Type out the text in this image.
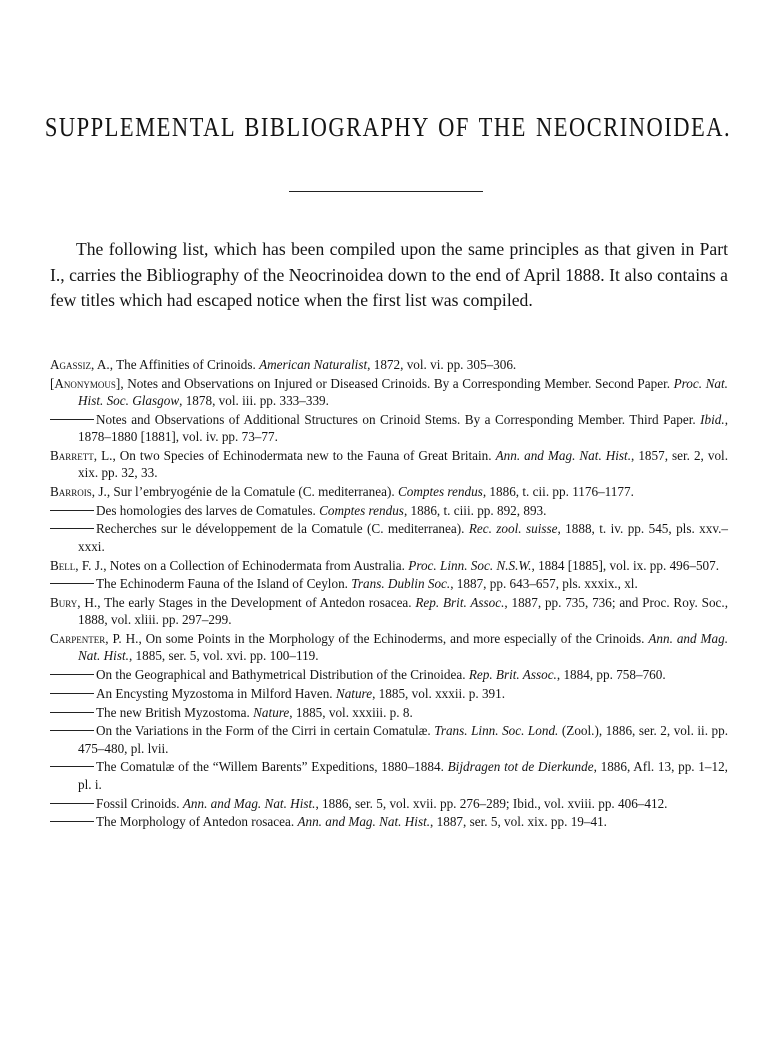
SUPPLEMENTAL BIBLIOGRAPHY OF THE NEOCRINOIDEA.

The following list, which has been compiled upon the same principles as that given in Part I., carries the Bibliography of the Neocrinoidea down to the end of April 1888. It also contains a few titles which had escaped notice when the first list was compiled.

Agassiz, A., The Affinities of Crinoids. American Naturalist, 1872, vol. vi. pp. 305–306.

[Anonymous], Notes and Observations on Injured or Diseased Crinoids. By a Corresponding Member. Second Paper. Proc. Nat. Hist. Soc. Glasgow, 1878, vol. iii. pp. 333–339.

Notes and Observations of Additional Structures on Crinoid Stems. By a Corresponding Member. Third Paper. Ibid., 1878–1880 [1881], vol. iv. pp. 73–77.

Barrett, L., On two Species of Echinodermata new to the Fauna of Great Britain. Ann. and Mag. Nat. Hist., 1857, ser. 2, vol. xix. pp. 32, 33.

Barrois, J., Sur l’embryogénie de la Comatule (C. mediterranea). Comptes rendus, 1886, t. cii. pp. 1176–1177.

Des homologies des larves de Comatules. Comptes rendus, 1886, t. ciii. pp. 892, 893.

Recherches sur le développement de la Comatule (C. mediterranea). Rec. zool. suisse, 1888, t. iv. pp. 545, pls. xxv.–xxxi.

Bell, F. J., Notes on a Collection of Echinodermata from Australia. Proc. Linn. Soc. N.S.W., 1884 [1885], vol. ix. pp. 496–507.

The Echinoderm Fauna of the Island of Ceylon. Trans. Dublin Soc., 1887, pp. 643–657, pls. xxxix., xl.

Bury, H., The early Stages in the Development of Antedon rosacea. Rep. Brit. Assoc., 1887, pp. 735, 736; and Proc. Roy. Soc., 1888, vol. xliii. pp. 297–299.

Carpenter, P. H., On some Points in the Morphology of the Echinoderms, and more especially of the Crinoids. Ann. and Mag. Nat. Hist., 1885, ser. 5, vol. xvi. pp. 100–119.

On the Geographical and Bathymetrical Distribution of the Crinoidea. Rep. Brit. Assoc., 1884, pp. 758–760.

An Encysting Myzostoma in Milford Haven. Nature, 1885, vol. xxxii. p. 391.

The new British Myzostoma. Nature, 1885, vol. xxxiii. p. 8.

On the Variations in the Form of the Cirri in certain Comatulæ. Trans. Linn. Soc. Lond. (Zool.), 1886, ser. 2, vol. ii. pp. 475–480, pl. lvii.

The Comatulæ of the “Willem Barents” Expeditions, 1880–1884. Bijdragen tot de Dierkunde, 1886, Afl. 13, pp. 1–12, pl. i.

Fossil Crinoids. Ann. and Mag. Nat. Hist., 1886, ser. 5, vol. xvii. pp. 276–289; Ibid., vol. xviii. pp. 406–412.

The Morphology of Antedon rosacea. Ann. and Mag. Nat. Hist., 1887, ser. 5, vol. xix. pp. 19–41.
